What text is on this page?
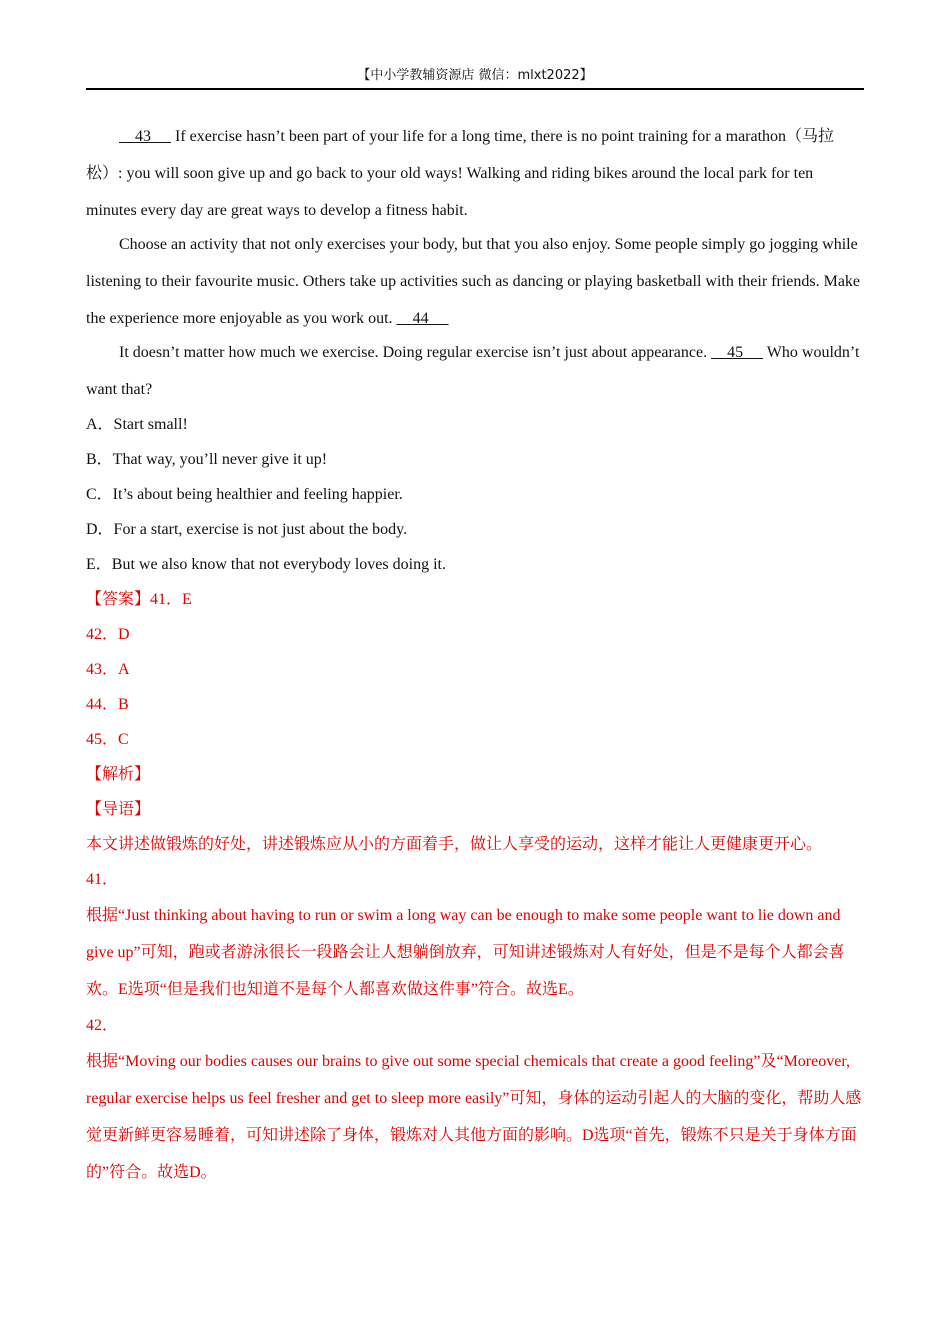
【中小学教辅资源店 微信：mlxt2022】

43      If exercise hasn’t been part of your life for a long time, there is no point training for a marathon（马拉松）: you will soon give up and go back to your old ways! Walking and riding bikes around the local park for ten minutes every day are great ways to develop a fitness habit.

Choose an activity that not only exercises your body, but that you also enjoy. Some people simply go jogging while listening to their favourite music. Others take up activities such as dancing or playing basketball with their friends. Make the experience more enjoyable as you work out.     44

It doesn’t matter how much we exercise. Doing regular exercise isn’t just about appearance.     45      Who wouldn’t want that?

A．Start small!

B．That way, you’ll never give it up!

C．It’s about being healthier and feeling happier.

D．For a start, exercise is not just about the body.

E．But we also know that not everybody loves doing it.

【答案】41．E

42．D

43．A

44．B

45．C

【解析】

【导语】

本文讲述做锻炼的好处，讲述锻炼应从小的方面着手，做让人享受的运动，这样才能让人更健康更开心。

41．

根据“Just thinking about having to run or swim a long way can be enough to make some people want to lie down and give up”可知，跑或者游泳很长一段路会让人想躺倒放弃，可知讲述锻炼对人有好处，但是不是每个人都会喜欢。E选项“但是我们也知道不是每个人都喜欢做这件事”符合。故选E。

42．

根据“Moving our bodies causes our brains to give out some special chemicals that create a good feeling”及“Moreover, regular exercise helps us feel fresher and get to sleep more easily”可知，身体的运动引起人的大脑的变化，帮助人感觉更新鲜更容易睡着，可知讲述除了身体，锻炼对人其他方面的影响。D选项“首先，锻炼不只是关于身体方面的”符合。故选D。
